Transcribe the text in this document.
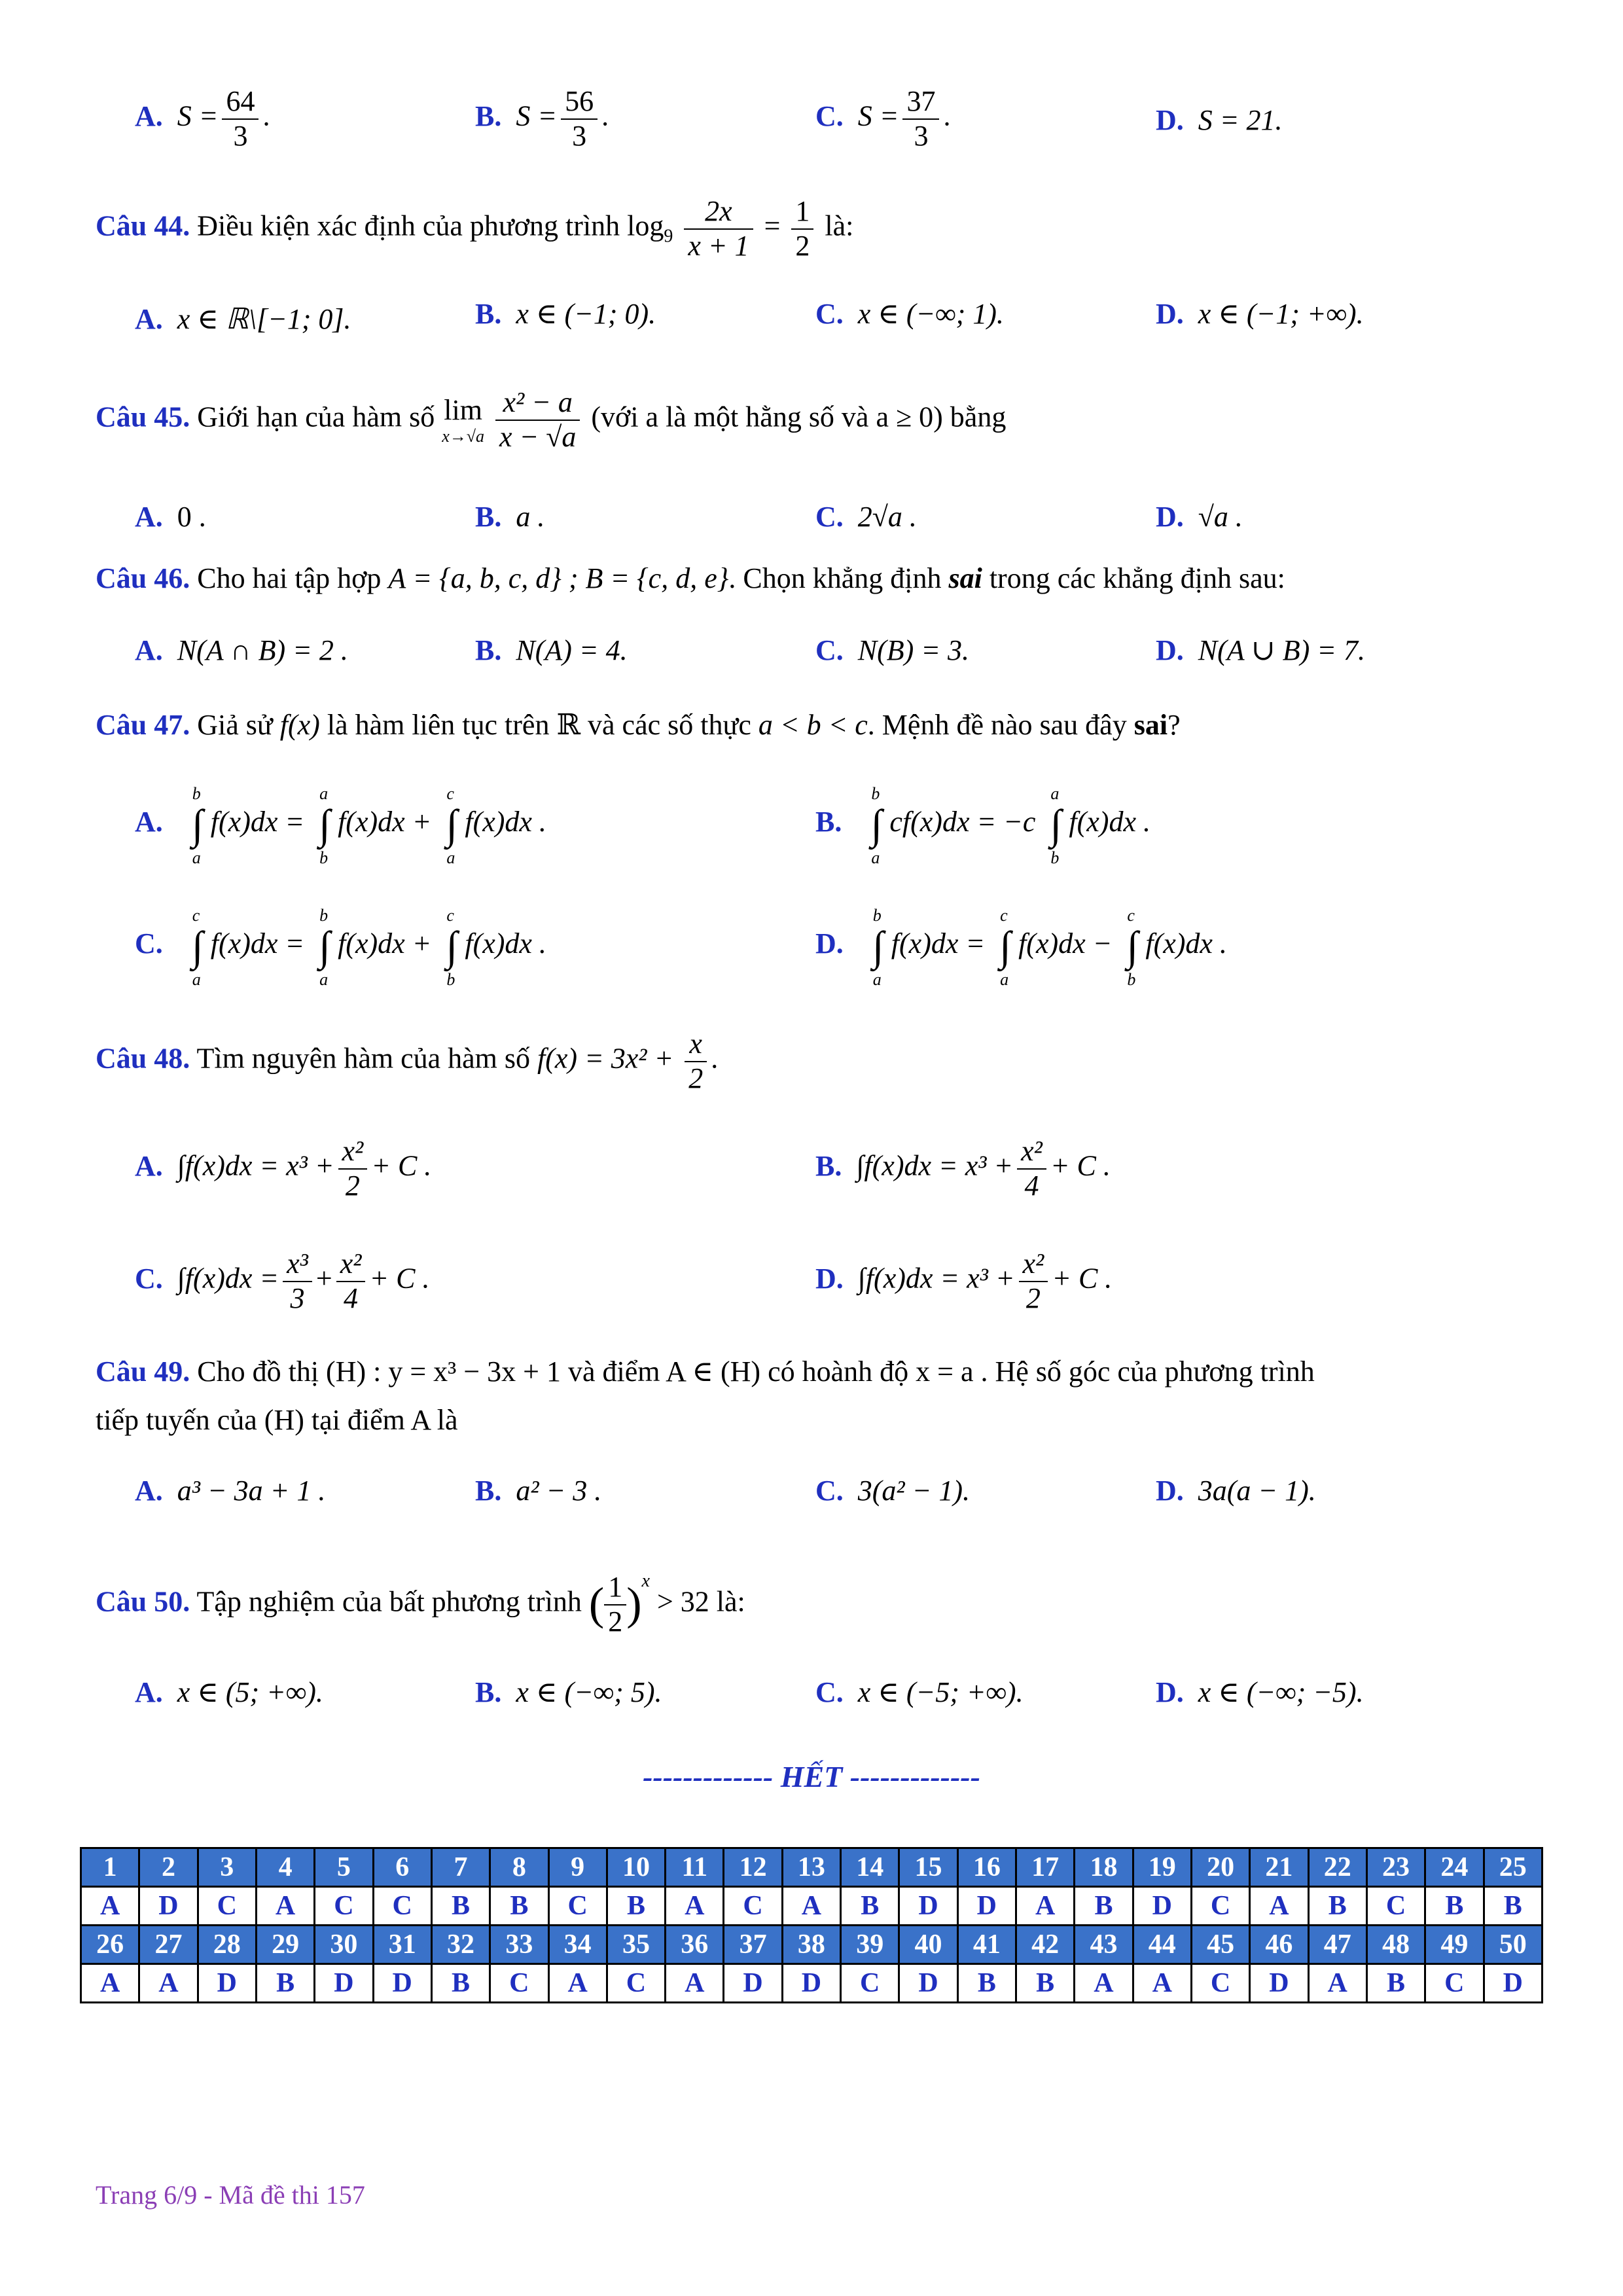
A. $S = \frac{64}{3}$ .	B. $S = \frac{56}{3}$ .	C. $S = \frac{37}{3}$ .	D. S = 21.
Câu 44. Điều kiện xác định của phương trình $\log_9 \frac{2x}{x + 1} = \frac{1}{2}$ là:
A. x ∈ ℝ\[−1; 0].	B. x ∈ (−1; 0).	C. x ∈ (−∞; 1).	D. x ∈ (−1; +∞).
Câu 45. Giới hạn của hàm số lim
x→√a
$\frac{\text{x² − a}}{x - √a}$ (với a là một hằng số và a ≥ 0) bằng
A. 0 .	B. a .	C. 2√a .	D. √a .
Câu 46. Cho hai tập hợp A = {a, b, c, d} ; B = {c, d, e}. Chọn khẳng định sai trong các khẳng định sau:
A. N(A ∩ B) = 2 .	B. N(A) = 4.	C. N(B) = 3.	D. N(A ∪ B) = 7.
Câu 47. Giả sử f(x) là hàm liên tục trên ℝ và các số thực a < b < c. Mệnh đề nào sau đây sai?
A.
b
∫
a
f(x)dx =
a
∫
b
f(x)dx +
c
∫
a
f(x)dx .	B.
b
∫
a
cf(x)dx = −c
a
∫
b
f(x)dx .
C.
c
∫
a
f(x)dx =
b
∫
a
f(x)dx +
c
∫
b
f(x)dx .	D.
b
∫
a
f(x)dx =
c
∫
a
f(x)dx −
c
∫
b
f(x)dx .
Câu 48. Tìm nguyên hàm của hàm số $f(x) = 3x^2 + \frac{x}{2}$ .
A. $\int f(x)dx = x^3 + \frac{\text{x²}}{2} + C$ .	B. $\int f(x)dx = x^3 + \frac{\text{x²}}{4} + C$ .
C. $\int f(x)dx = \frac{\text{x³}}{3} + \frac{\text{x²}}{4} + C$ .	D. $\int f(x)dx = x^3 + \frac{\text{x²}}{2} + C$ .
Câu 49. Cho đồ thị (H) : y = x³ − 3x + 1 và điểm A ∈ (H) có hoành độ x = a . Hệ số góc của phương trình
tiếp tuyến của (H) tại điểm A là
A. a³ − 3a + 1 .	B. a² − 3 .	C. 3(a² − 1).	D. 3a(a − 1).
Câu 50. Tập nghiệm của bất phương trình ( $\frac{1}{2} )^x > 32$ là:
A. x ∈ (5; +∞).	B. x ∈ (−∞; 5).	C. x ∈ (−5; +∞).	D. x ∈ (−∞; −5).
------------- HẾT -------------
1	2	3	4	5	6	7	8	9	10	11	12	13	14	15	16	17	18	19	20	21	22	23	24	25
A	D	C	A	C	C	B	B	C	B	A	C	A	B	D	D	A	B	D	C	A	B	C	B	B
26	27	28	29	30	31	32	33	34	35	36	37	38	39	40	41	42	43	44	45	46	47	48	49	50
A	A	D	B	D	D	B	C	A	C	A	D	D	C	D	B	B	A	A	C	D	A	B	C	D
Trang 6/9 - Mã đề thi 157
